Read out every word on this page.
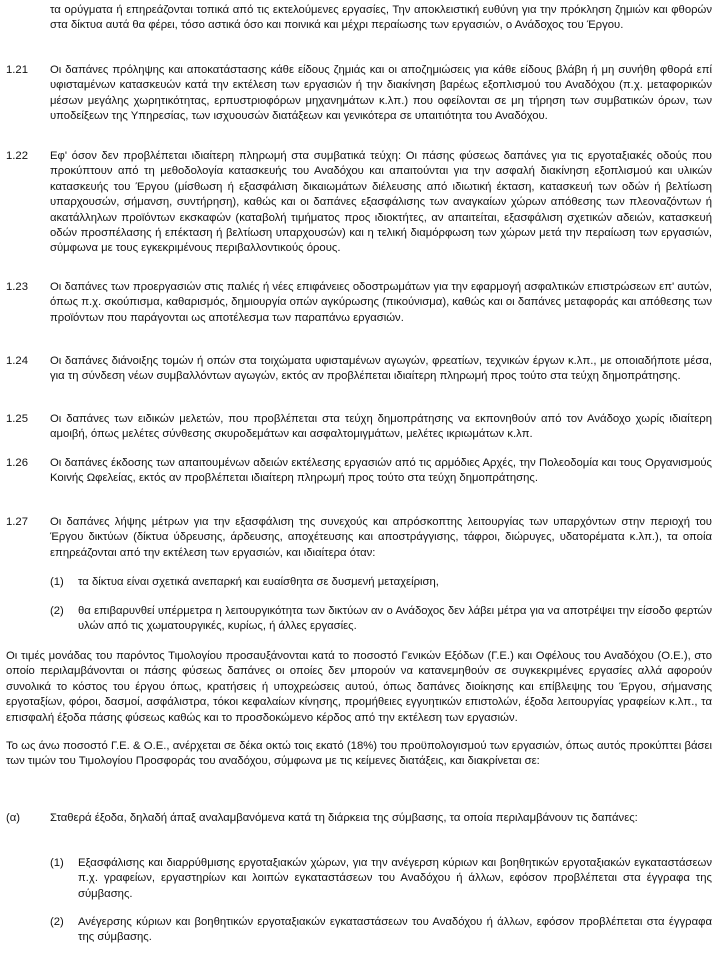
τα ορύγματα ή επηρεάζονται τοπικά από τις εκτελούμενες εργασίες, Την αποκλειστική ευθύνη για την πρόκληση ζημιών και φθορών στα δίκτυα αυτά θα φέρει, τόσο αστικά όσο και ποινικά και μέχρι περαίωσης των εργασιών, ο Ανάδοχος του Έργου.
1.21	Οι δαπάνες πρόληψης και αποκατάστασης κάθε είδους ζημιάς και οι αποζημιώσεις για κάθε είδους βλάβη ή μη συνήθη φθορά επί υφισταμένων κατασκευών κατά την εκτέλεση των εργασιών ή την διακίνηση βαρέως εξοπλισμού του Αναδόχου (π.χ. μεταφορικών μέσων μεγάλης χωρητικότητας, ερπυστριοφόρων μηχανημάτων κ.λπ.) που οφείλονται σε μη τήρηση των συμβατικών όρων, των υποδείξεων της Υπηρεσίας, των ισχυουσών διατάξεων και γενικότερα σε υπαιτιότητα του Αναδόχου.
1.22	Εφ' όσον δεν προβλέπεται ιδιαίτερη πληρωμή στα συμβατικά τεύχη: Οι πάσης φύσεως δαπάνες για τις εργοταξιακές οδούς που προκύπτουν από τη μεθοδολογία κατασκευής του Αναδόχου και απαιτούνται για την ασφαλή διακίνηση εξοπλισμού και υλικών κατασκευής του Έργου (μίσθωση ή εξασφάλιση δικαιωμάτων διέλευσης από ιδιωτική έκταση, κατασκευή των οδών ή βελτίωση υπαρχουσών, σήμανση, συντήρηση), καθώς και οι δαπάνες εξασφάλισης των αναγκαίων χώρων απόθεσης των πλεοναζόντων ή ακατάλληλων προϊόντων εκσκαφών (καταβολή τιμήματος προς ιδιοκτήτες, αν απαιτείται, εξασφάλιση σχετικών αδειών, κατασκευή οδών προσπέλασης ή επέκταση ή βελτίωση υπαρχουσών) και η τελική διαμόρφωση των χώρων μετά την περαίωση των εργασιών, σύμφωνα με τους εγκεκριμένους περιβαλλοντικούς όρους.
1.23	Οι δαπάνες των προεργασιών στις παλιές ή νέες επιφάνειες οδοστρωμάτων για την εφαρμογή ασφαλτικών επιστρώσεων επ' αυτών, όπως π.χ. σκούπισμα, καθαρισμός, δημιουργία οπών αγκύρωσης (πικούνισμα), καθώς και οι δαπάνες μεταφοράς και απόθεσης των προϊόντων που παράγονται ως αποτέλεσμα των παραπάνω εργασιών.
1.24	Οι δαπάνες διάνοιξης τομών ή οπών στα τοιχώματα υφισταμένων αγωγών, φρεατίων, τεχνικών έργων κ.λπ., με οποιαδήποτε μέσα, για τη σύνδεση νέων συμβαλλόντων αγωγών, εκτός αν προβλέπεται ιδιαίτερη πληρωμή προς τούτο στα τεύχη δημοπράτησης.
1.25	Οι δαπάνες των ειδικών μελετών, που προβλέπεται στα τεύχη δημοπράτησης να εκπονηθούν από τον Ανάδοχο χωρίς ιδιαίτερη αμοιβή, όπως μελέτες σύνθεσης σκυροδεμάτων και ασφαλτομιγμάτων, μελέτες ικριωμάτων κ.λπ.
1.26	Οι δαπάνες έκδοσης των απαιτουμένων αδειών εκτέλεσης εργασιών από τις αρμόδιες Αρχές, την Πολεοδομία και τους Οργανισμούς Κοινής Ωφελείας, εκτός αν προβλέπεται ιδιαίτερη πληρωμή προς τούτο στα τεύχη δημοπράτησης.
1.27	Οι δαπάνες λήψης μέτρων για την εξασφάλιση της συνεχούς και απρόσκοπτης λειτουργίας των υπαρχόντων στην περιοχή του Έργου δικτύων (δίκτυα ύδρευσης, άρδευσης, αποχέτευσης και αποστράγγισης, τάφροι, διώρυγες, υδατορέματα κ.λπ.), τα οποία επηρεάζονται από την εκτέλεση των εργασιών, και ιδιαίτερα όταν:
(1)	τα δίκτυα είναι σχετικά ανεπαρκή και ευαίσθητα σε δυσμενή μεταχείριση,
(2)	θα επιβαρυνθεί υπέρμετρα η λειτουργικότητα των δικτύων αν ο Ανάδοχος δεν λάβει μέτρα για να αποτρέψει την είσοδο φερτών υλών από τις χωματουργικές, κυρίως, ή άλλες εργασίες.
Οι τιμές μονάδας του παρόντος Τιμολογίου προσαυξάνονται κατά το ποσοστό Γενικών Εξόδων (Γ.Ε.) και Οφέλους του Αναδόχου (Ο.Ε.), στο οποίο περιλαμβάνονται οι πάσης φύσεως δαπάνες οι οποίες δεν μπορούν να κατανεμηθούν σε συγκεκριμένες εργασίες αλλά αφορούν συνολικά το κόστος του έργου όπως, κρατήσεις ή υποχρεώσεις αυτού, όπως δαπάνες διοίκησης και επίβλεψης του Έργου, σήμανσης εργοταξίων, φόροι, δασμοί, ασφάλιστρα, τόκοι κεφαλαίων κίνησης, προμήθειες εγγυητικών επιστολών, έξοδα λειτουργίας γραφείων κ.λπ., τα επισφαλή έξοδα πάσης φύσεως καθώς και το προσδοκώμενο κέρδος από την εκτέλεση των εργασιών.
Το ως άνω ποσοστό Γ.Ε. & Ο.Ε., ανέρχεται σε δέκα οκτώ τοις εκατό (18%) του προϋπολογισμού των εργασιών, όπως αυτός προκύπτει βάσει των τιμών του Τιμολογίου Προσφοράς του αναδόχου, σύμφωνα με τις κείμενες διατάξεις, και διακρίνεται σε:
(α)	Σταθερά έξοδα, δηλαδή άπαξ αναλαμβανόμενα κατά τη διάρκεια της σύμβασης, τα οποία περιλαμβάνουν τις δαπάνες:
(1)	Εξασφάλισης και διαρρύθμισης εργοταξιακών χώρων, για την ανέγερση κύριων και βοηθητικών εργοταξιακών εγκαταστάσεων π.χ. γραφείων, εργαστηρίων και λοιπών εγκαταστάσεων του Αναδόχου ή άλλων, εφόσον προβλέπεται στα έγγραφα της σύμβασης.
(2)	Ανέγερσης κύριων και βοηθητικών εργοταξιακών εγκαταστάσεων του Αναδόχου ή άλλων, εφόσον προβλέπεται στα έγγραφα της σύμβασης.
